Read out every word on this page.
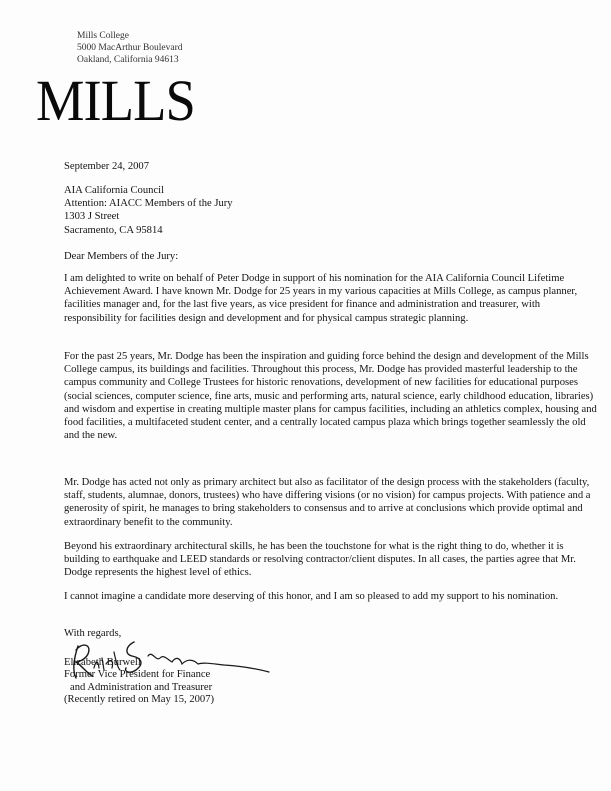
Mills College
5000 MacArthur Boulevard
Oakland, California 94613
MILLS
September 24, 2007
AIA California Council
Attention: AIACC Members of the Jury
1303 J Street
Sacramento, CA 95814
Dear Members of the Jury:

I am delighted to write on behalf of Peter Dodge in support of his nomination for the AIA California Council Lifetime Achievement Award. I have known Mr. Dodge for 25 years in my various capacities at Mills College, as campus planner, facilities manager and, for the last five years, as vice president for finance and administration and treasurer, with responsibility for facilities design and development and for physical campus strategic planning.

For the past 25 years, Mr. Dodge has been the inspiration and guiding force behind the design and development of the Mills College campus, its buildings and facilities. Throughout this process, Mr. Dodge has provided masterful leadership to the campus community and College Trustees for historic renovations, development of new facilities for educational purposes (social sciences, computer science, fine arts, music and performing arts, natural science, early childhood education, libraries) and wisdom and expertise in creating multiple master plans for campus facilities, including an athletics complex, housing and food facilities, a multifaceted student center, and a centrally located campus plaza which brings together seamlessly the old and the new.

Mr. Dodge has acted not only as primary architect but also as facilitator of the design process with the stakeholders (faculty, staff, students, alumnae, donors, trustees) who have differing visions (or no vision) for campus projects. With patience and a generosity of spirit, he manages to bring stakeholders to consensus and to arrive at conclusions which provide optimal and extraordinary benefit to the community.

Beyond his extraordinary architectural skills, he has been the touchstone for what is the right thing to do, whether it is building to earthquake and LEED standards or resolving contractor/client disputes. In all cases, the parties agree that Mr. Dodge represents the highest level of ethics.

I cannot imagine a candidate more deserving of this honor, and I am so pleased to add my support to his nomination.

With regards,
Elizabeth Burwell
Former Vice President for Finance
and Administration and Treasurer
(Recently retired on May 15, 2007)
